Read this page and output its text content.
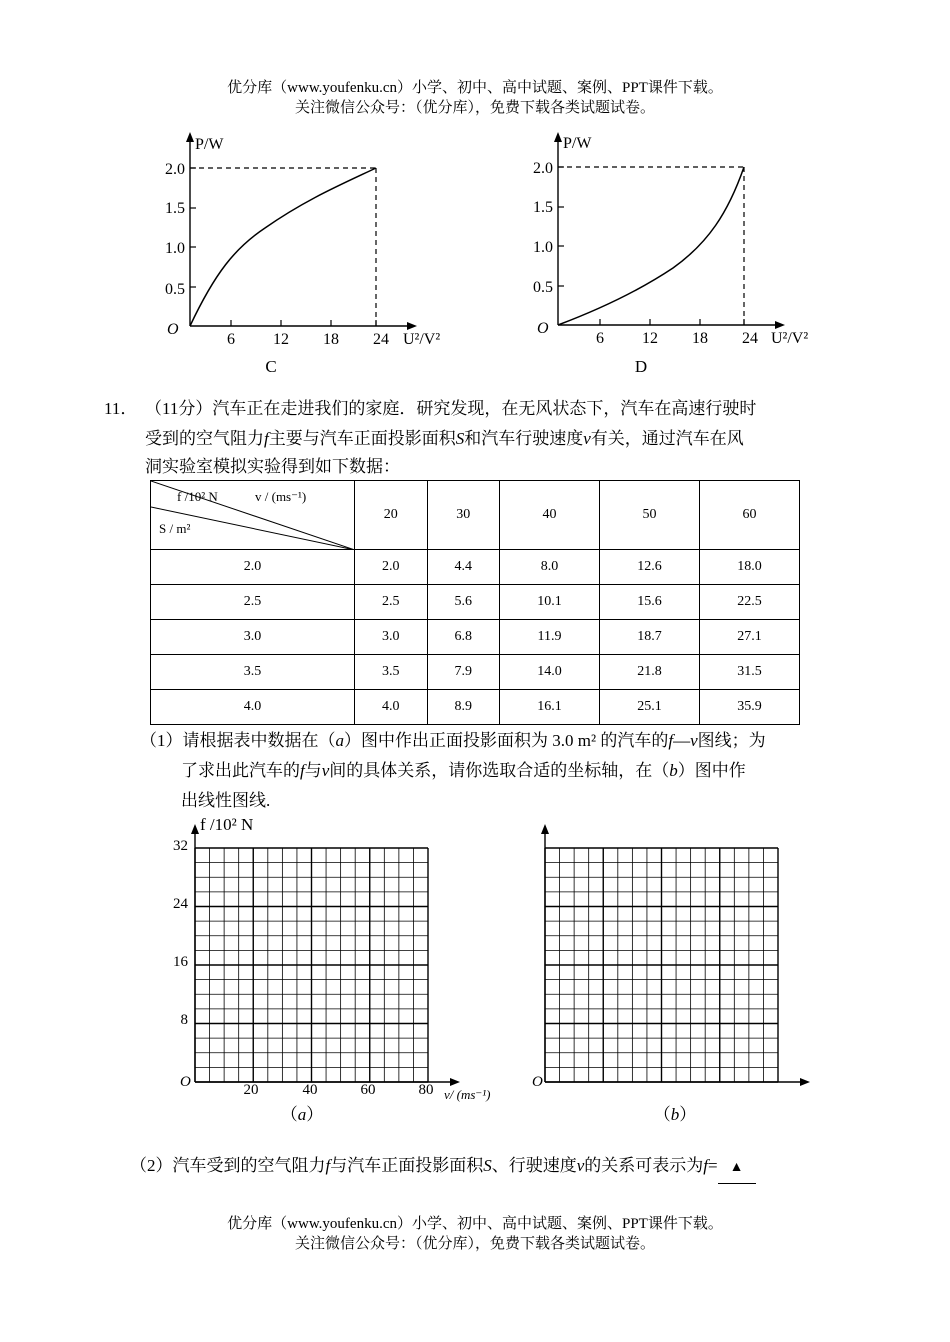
优分库（www.youfenku.cn）小学、初中、高中试题、案例、PPT课件下载。
关注微信公众号：（优分库），免费下载各类试题试卷。
P/W
O
U²/V²
2.0
1.5
1.0
0.5
6 12 18 24
C
P/W
O
U²/V²
2.0
1.5
1.0
0.5
6 12 18 24
D
11． （11分）汽车正在走进我们的家庭．研究发现，在无风状态下，汽车在高速行驶时
受到的空气阻力f主要与汽车正面投影面积S和汽车行驶速度v有关，通过汽车在风
洞实验室模拟实验得到如下数据：
f /10² N v / (ms⁻¹)
S / m²	20	30	40	50	60
2.0	2.0	4.4	8.0	12.6	18.0
2.5	2.5	5.6	10.1	15.6	22.5
3.0	3.0	6.8	11.9	18.7	27.1
3.5	3.5	7.9	14.0	21.8	31.5
4.0	4.0	8.9	16.1	25.1	35.9
（1）请根据表中数据在（a）图中作出正面投影面积为 3.0 m² 的汽车的f—v图线；为
了求出此汽车的f与v间的具体关系，请你选取合适的坐标轴，在（b）图中作
出线性图线.
f /10² N
32
24
16
8
O	20	40	60	80 v/ (ms⁻¹)
（a）
O
（b）
（2）汽车受到的空气阻力f与汽车正面投影面积S、行驶速度v的关系可表示为f= ▲
优分库（www.youfenku.cn）小学、初中、高中试题、案例、PPT课件下载。
关注微信公众号：（优分库），免费下载各类试题试卷。
